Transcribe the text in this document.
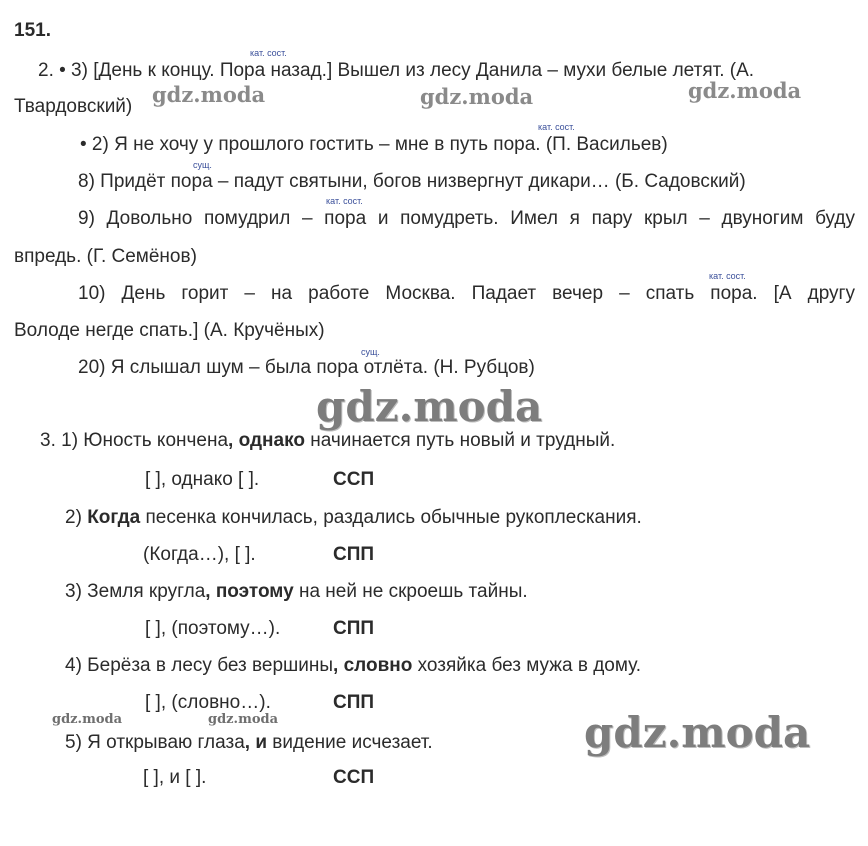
151.
кат. сост.
2. • 3) [День к концу. Пора назад.] Вышел из лесу Данила – мухи белые летят. (А.
Твардовский)
кат. сост.
• 2) Я не хочу у прошлого гостить – мне в путь пора. (П. Васильев)
сущ.
8) Придёт пора – падут святыни, богов низвергнут дикари… (Б. Садовский)
кат. сост.
9) Довольно помудрил – пора и помудреть. Имел я пару крыл – двуногим буду
впредь. (Г. Семёнов)
кат. сост.
10) День горит – на работе Москва. Падает вечер – спать пора. [А другу
Володе негде спать.] (А. Кручёных)
сущ.
20) Я слышал шум – была пора отлёта. (Н. Рубцов)
3. 1) Юность кончена, однако начинается путь новый и трудный.
[ ], однако [ ].	ССП
2) Когда песенка кончилась, раздались обычные рукоплескания.
(Когда…), [ ].	СПП
3) Земля кругла, поэтому на ней не скроешь тайны.
[ ], (поэтому…).	СПП
4) Берёза в лесу без вершины, словно хозяйка без мужа в дому.
[ ], (словно…).	СПП
5) Я открываю глаза, и видение исчезает.
[ ], и [ ].	ССП
gdz.moda	gdz.moda	gdz.moda
gdz.moda
gdz.moda	gdz.moda	gdz.moda
